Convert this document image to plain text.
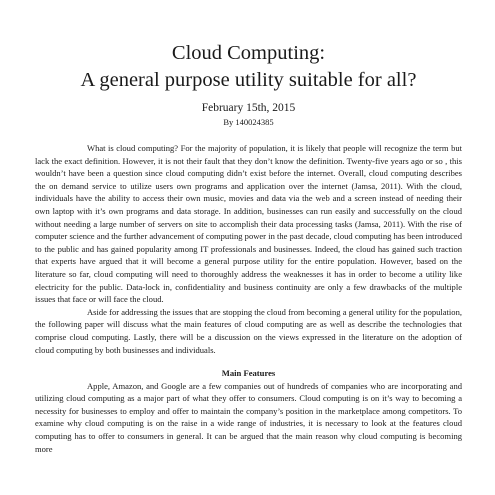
Cloud Computing:
A general purpose utility suitable for all?
February 15th, 2015
By 140024385

What is cloud computing? For the majority of population, it is likely that people will recognize the term but lack the exact definition. However, it is not their fault that they don’t know the definition. Twenty-five years ago or so , this wouldn’t have been a question since cloud computing didn’t exist before the internet. Overall, cloud computing describes the on demand service to utilize users own programs and application over the internet (Jamsa, 2011). With the cloud, individuals have the ability to access their own music, movies and data via the web and a screen instead of needing their own laptop with it’s own programs and data storage. In addition, businesses can run easily and successfully on the cloud without needing a large number of servers on site to accomplish their data processing tasks (Jamsa, 2011). With the rise of computer science and the further advancement of computing power in the past decade, cloud computing has been introduced to the public and has gained popularity among IT professionals and businesses. Indeed, the cloud has gained such traction that experts have argued that it will become a general purpose utility for the entire population. However, based on the literature so far, cloud computing will need to thoroughly address the weaknesses it has in order to become a utility like electricity for the public. Data-lock in, confidentiality and business continuity are only a few drawbacks of the multiple issues that face or will face the cloud.

Aside for addressing the issues that are stopping the cloud from becoming a general utility for the population, the following paper will discuss what the main features of cloud computing are as well as describe the technologies that comprise cloud computing. Lastly, there will be a discussion on the views expressed in the literature on the adoption of cloud computing by both businesses and individuals.

Main Features

Apple, Amazon, and Google are a few companies out of hundreds of companies who are incorporating and utilizing cloud computing as a major part of what they offer to consumers. Cloud computing is on it’s way to becoming a necessity for businesses to employ and offer to maintain the company’s position in the marketplace among competitors. To examine why cloud computing is on the raise in a wide range of industries, it is necessary to look at the features cloud computing has to offer to consumers in general. It can be argued that the main reason why cloud computing is becoming more
